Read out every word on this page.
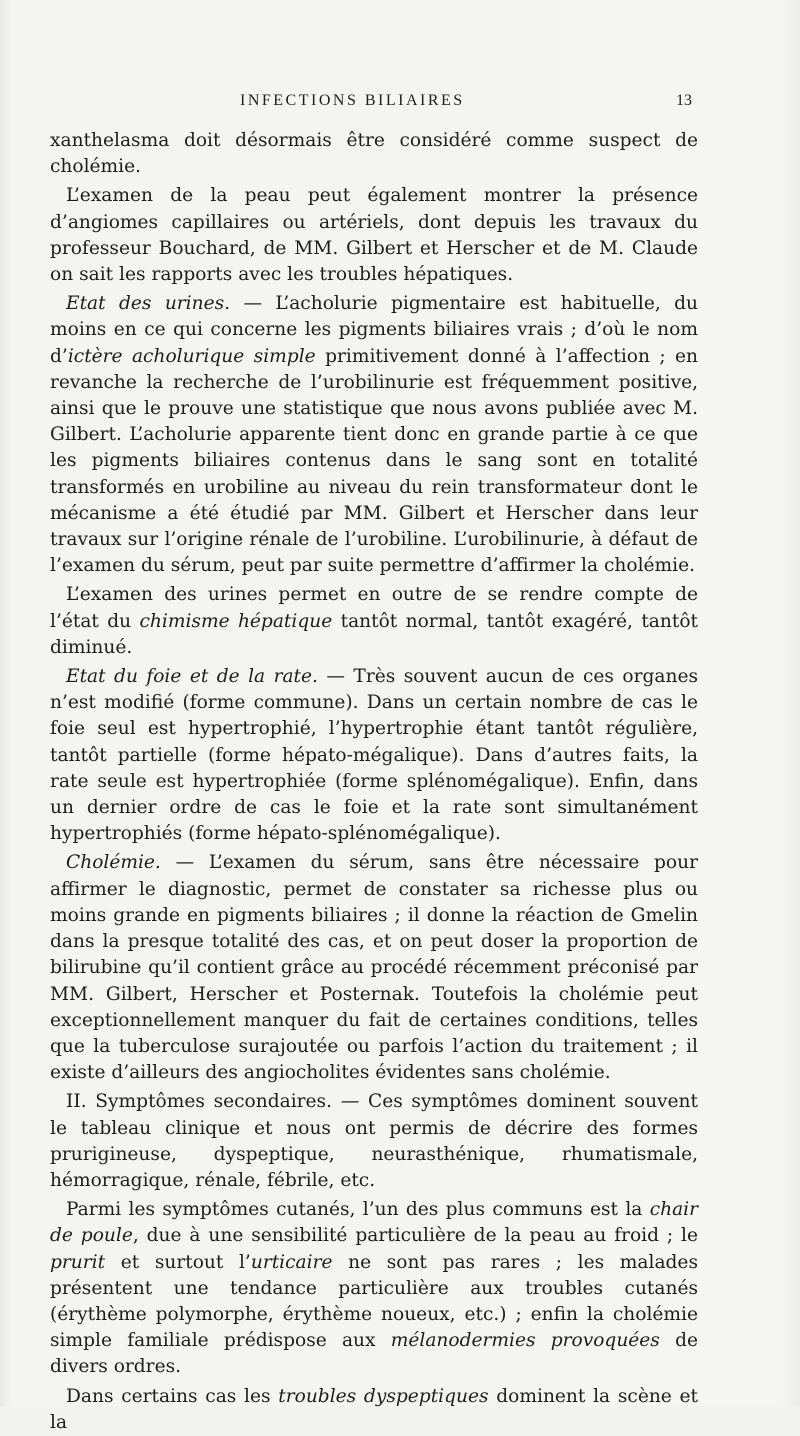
INFECTIONS BILIAIRES	13

xanthelasma doit désormais être considéré comme suspect de cholémie.

L’examen de la peau peut également montrer la présence d’angiomes capillaires ou artériels, dont depuis les travaux du professeur Bouchard, de MM. Gilbert et Herscher et de M. Claude on sait les rapports avec les troubles hépatiques.

Etat des urines. — L’acholurie pigmentaire est habituelle, du moins en ce qui concerne les pigments biliaires vrais ; d’où le nom d’ictère acholurique simple primitivement donné à l’affection ; en revanche la recherche de l’urobilinurie est fréquemment positive, ainsi que le prouve une statistique que nous avons publiée avec M. Gilbert. L’acholurie apparente tient donc en grande partie à ce que les pigments biliaires contenus dans le sang sont en totalité transformés en urobiline au niveau du rein transformateur dont le mécanisme a été étudié par MM. Gilbert et Herscher dans leur travaux sur l’origine rénale de l’urobiline. L’urobilinurie, à défaut de l’examen du sérum, peut par suite permettre d’affirmer la cholémie.

L’examen des urines permet en outre de se rendre compte de l’état du chimisme hépatique tantôt normal, tantôt exagéré, tantôt diminué.

Etat du foie et de la rate. — Très souvent aucun de ces organes n’est modifié (forme commune). Dans un certain nombre de cas le foie seul est hypertrophié, l’hypertrophie étant tantôt régulière, tantôt partielle (forme hépato-mégalique). Dans d’autres faits, la rate seule est hypertrophiée (forme splénomégalique). Enfin, dans un dernier ordre de cas le foie et la rate sont simultanément hypertrophiés (forme hépato-splénomégalique).

Cholémie. — L’examen du sérum, sans être nécessaire pour affirmer le diagnostic, permet de constater sa richesse plus ou moins grande en pigments biliaires ; il donne la réaction de Gmelin dans la presque totalité des cas, et on peut doser la proportion de bilirubine qu’il contient grâce au procédé récemment préconisé par MM. Gilbert, Herscher et Posternak. Toutefois la cholémie peut exceptionnellement manquer du fait de certaines conditions, telles que la tuberculose surajoutée ou parfois l’action du traitement ; il existe d’ailleurs des angiocholites évidentes sans cholémie.

II. Symptômes secondaires. — Ces symptômes dominent souvent le tableau clinique et nous ont permis de décrire des formes prurigineuse, dyspeptique, neurasthénique, rhumatismale, hémorragique, rénale, fébrile, etc.

Parmi les symptômes cutanés, l’un des plus communs est la chair de poule, due à une sensibilité particulière de la peau au froid ; le prurit et surtout l’urticaire ne sont pas rares ; les malades présentent une tendance particulière aux troubles cutanés (érythème polymorphe, érythème noueux, etc.) ; enfin la cholémie simple familiale prédispose aux mélanodermies provoquées de divers ordres.

Dans certains cas les troubles dyspeptiques dominent la scène et la
